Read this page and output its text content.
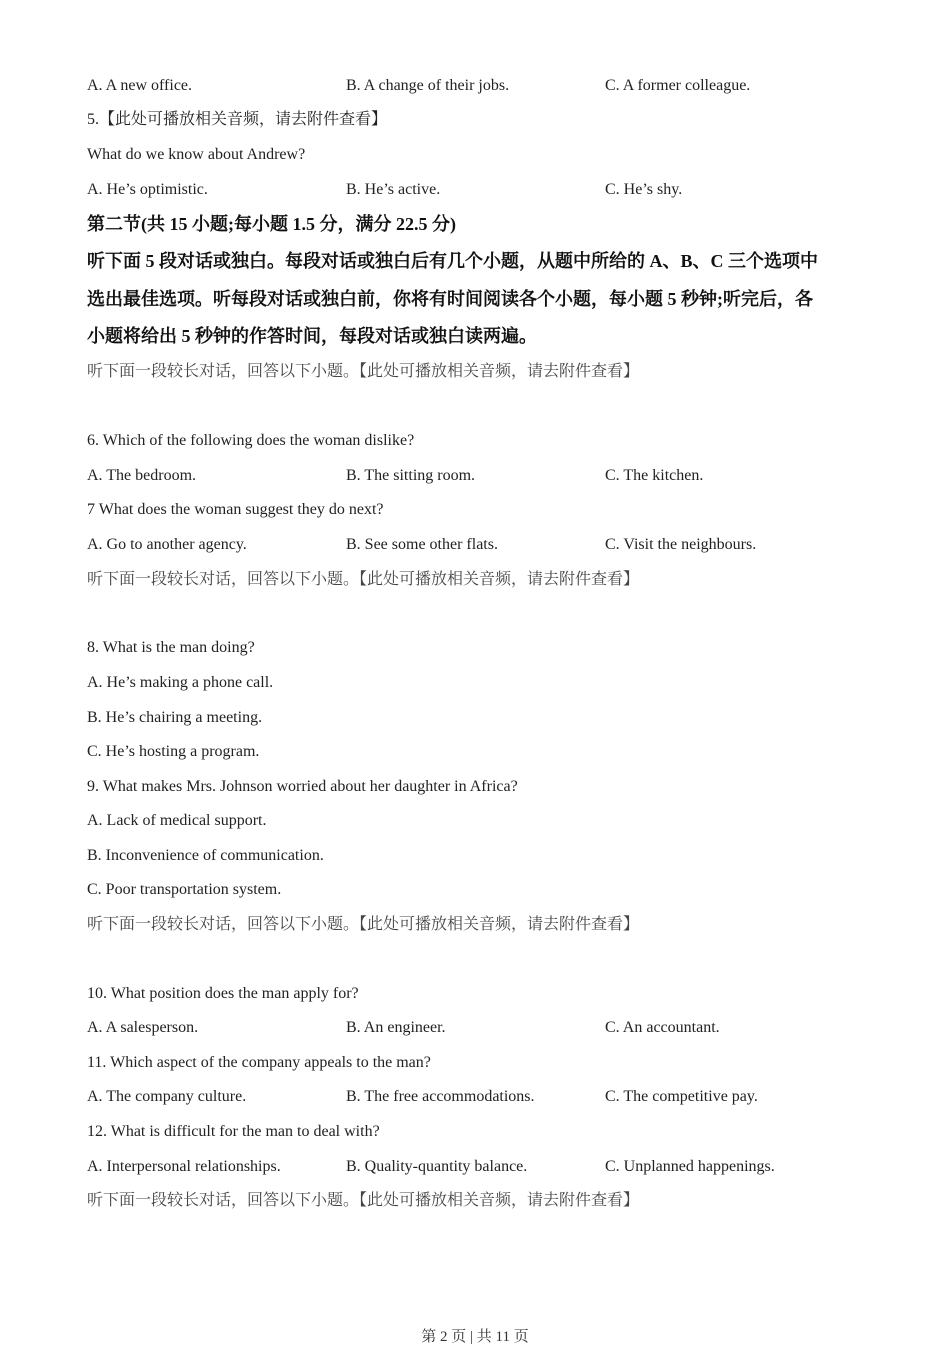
A. A new office.	B. A change of their jobs.	C. A former colleague.
5.【此处可播放相关音频，请去附件查看】
What do we know about Andrew?
A. He’s optimistic.	B. He’s active.	C. He’s shy.
第二节(共 15 小题;每小题 1.5 分，满分 22.5 分)
听下面 5 段对话或独白。每段对话或独白后有几个小题，从题中所给的 A、B、C 三个选项中
选出最佳选项。听每段对话或独白前，你将有时间阅读各个小题，每小题 5 秒钟;听完后，各
小题将给出 5 秒钟的作答时间，每段对话或独白读两遍。
听下面一段较长对话，回答以下小题。【此处可播放相关音频，请去附件查看】
6. Which of the following does the woman dislike?
A. The bedroom.	B. The sitting room.	C. The kitchen.
7 What does the woman suggest they do next?
A. Go to another agency.	B. See some other flats.	C. Visit the neighbours.
听下面一段较长对话，回答以下小题。【此处可播放相关音频，请去附件查看】
8. What is the man doing?
A. He’s making a phone call.
B. He’s chairing a meeting.
C. He’s hosting a program.
9. What makes Mrs. Johnson worried about her daughter in Africa?
A. Lack of medical support.
B. Inconvenience of communication.
C. Poor transportation system.
听下面一段较长对话，回答以下小题。【此处可播放相关音频，请去附件查看】
10. What position does the man apply for?
A. A salesperson.	B. An engineer.	C. An accountant.
11. Which aspect of the company appeals to the man?
A. The company culture.	B. The free accommodations.	C. The competitive pay.
12. What is difficult for the man to deal with?
A. Interpersonal relationships.	B. Quality-quantity balance.	C. Unplanned happenings.
听下面一段较长对话，回答以下小题。【此处可播放相关音频，请去附件查看】
第 2 页 | 共 11 页
